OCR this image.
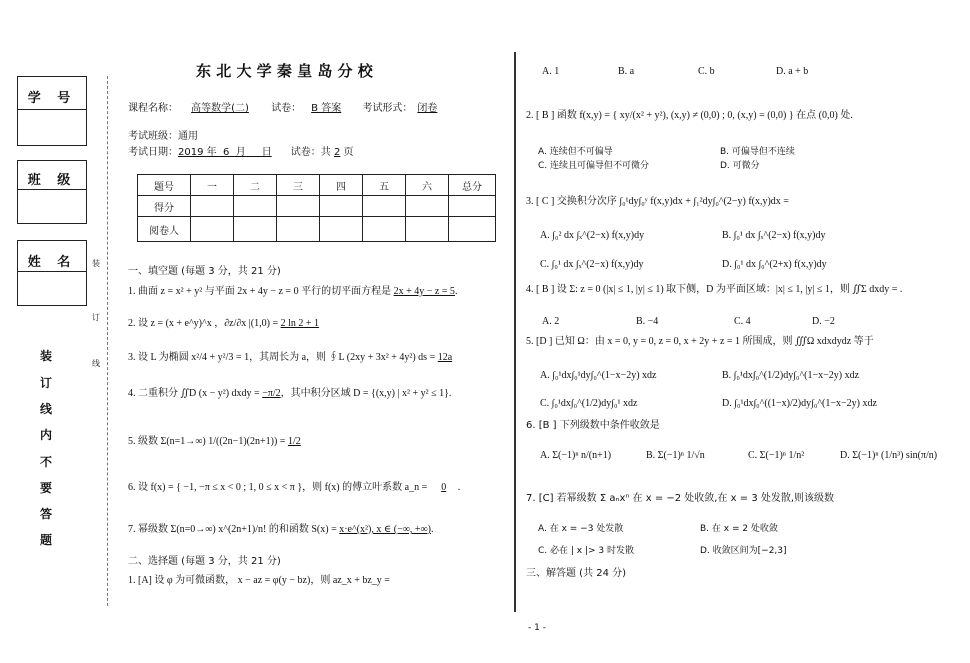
学 号
班 级
姓 名	装
订
线
装
订
线
内
不
要
答
题
东 北 大 学 秦 皇 岛 分 校
课程名称： 高等数学(二) 试卷： B 答案 考试形式： 闭卷
考试班级：通用
考试日期：2019 年  6  月     日 试卷：共 2 页
题号	一	二	三	四	五	六	总分
得分							
阅卷人							
一、填空题 (每题 3 分，共 21 分)
1. 曲面 z = x² + y² 与平面 2x + 4y − z = 0 平行的切平面方程是 2x + 4y − z = 5.
2. 设 z = (x + e^y)^x ，∂z/∂x |(1,0) = 2 ln 2 + 1
3. 设 L 为椭圆 x²/4 + y²/3 = 1，其周长为 a，则 ∮L (2xy + 3x² + 4y²) ds = 12a
4. 二重积分 ∬D (x − y²) dxdy = −π/2，其中积分区域 D = {(x,y) | x² + y² ≤ 1}.
5. 级数 Σ(n=1→∞) 1/((2n−1)(2n+1)) = 1/2
6. 设 f(x) = { −1, −π ≤ x < 0 ; 1, 0 ≤ x < π }，则 f(x) 的傅立叶系数 a_n = 0 .
7. 幂级数 Σ(n=0→∞) x^(2n+1)/n! 的和函数 S(x) = x·e^(x²), x ∈ (−∞, +∞).
二、选择题 (每题 3 分，共 21 分)
1. [A] 设 φ 为可微函数， x − az = φ(y − bz)，则 az_x + bz_y =
A. 1	B. a	C. b	D. a + b
2. [ B ] 函数 f(x,y) = { xy/(x² + y²), (x,y) ≠ (0,0) ; 0, (x,y) = (0,0) } 在点 (0,0) 处.
A. 连续但不可偏导	B. 可偏导但不连续
C. 连续且可偏导但不可微分	D. 可微分
3. [ C ] 交换积分次序 ∫₀¹dy∫₀ʸ f(x,y)dx + ∫₁²dy∫₀^(2−y) f(x,y)dx =
A. ∫₀² dx ∫ₓ^(2−x) f(x,y)dy	B. ∫₀¹ dx ∫ₓ^(2−x) f(x,y)dy
C. ∫₀¹ dx ∫ₓ^(2−x) f(x,y)dy	D. ∫₀¹ dx ∫₀^(2+x) f(x,y)dy
4. [ B ] 设 Σ: z = 0 (|x| ≤ 1, |y| ≤ 1) 取下侧，D 为平面区域：|x| ≤ 1, |y| ≤ 1，则 ∬Σ dxdy = .
A. 2	B. −4	C. 4	D. −2
5. [D ] 已知 Ω：由 x = 0, y = 0, z = 0, x + 2y + z = 1 所围成，则 ∭Ω xdxdydz 等于
A. ∫₀¹dx∫₀¹dy∫₀^(1−x−2y) xdz	B. ∫₀¹dx∫₀^(1/2)dy∫₀^(1−x−2y) xdz
C. ∫₀¹dx∫₀^(1/2)dy∫₀¹ xdz	D. ∫₀¹dx∫₀^((1−x)/2)dy∫₀^(1−x−2y) xdz
6. [B ] 下列级数中条件收敛是
A. Σ(−1)ⁿ n/(n+1)	B. Σ(−1)ⁿ 1/√n	C. Σ(−1)ⁿ 1/n²	D. Σ(−1)ⁿ (1/n³) sin(π/n)
7. [C] 若幂级数 Σ aₙxⁿ 在 x = −2 处收敛,在 x = 3 处发散,则该级数
A. 在 x = −3 处发散	B. 在 x = 2 处收敛
C. 必在 | x |> 3 时发散	D. 收敛区间为[−2,3]
三、解答题 (共 24 分)
- 1 -
